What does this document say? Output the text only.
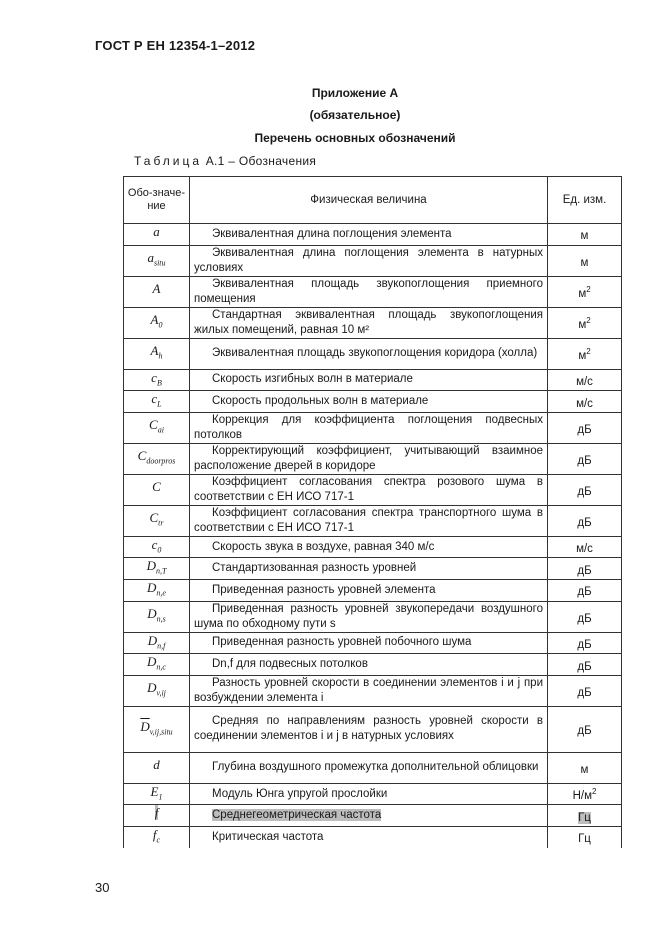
ГОСТ Р ЕН 12354-1–2012
Приложение А
(обязательное)
Перечень основных обозначений
Таблица А.1 – Обозначения
Обо-значе-ние	Физическая величина	Ед. изм.
a	Эквивалентная длина поглощения элемента	м
$a_{situ}$	Эквивалентная длина поглощения элемента в натурных условиях	м
A	Эквивалентная площадь звукопоглощения приемного помещения	$м^2$
$A_0$	Стандартная эквивалентная площадь звукопоглощения жилых помещений, равная 10 м²	$м^2$
$A_h$	Эквивалентная площадь звукопоглощения коридора (холла)	$м^2$
$c_B$	Скорость изгибных волн в материале	м/с
$c_L$	Скорость продольных волн в материале	м/с
$C_{ai}$	Коррекция для коэффициента поглощения подвесных потолков	дБ
$C_{doorpros}$	Корректирующий коэффициент, учитывающий взаимное расположение дверей в коридоре	дБ
C	Коэффициент согласования спектра розового шума в соответствии с ЕН ИСО 717-1	дБ
$C_{tr}$	Коэффициент согласования спектра транспортного шума в соответствии с ЕН ИСО 717-1	дБ
$c_0$	Скорость звука в воздухе, равная 340 м/с	м/с
$D_{n,T}$	Стандартизованная разность уровней	дБ
$D_{n,e}$	Приведенная разность уровней элемента	дБ
$D_{n,s}$	Приведенная разность уровней звукопередачи воздушного шума по обходному пути s	дБ
$D_{n,f}$	Приведенная разность уровней побочного шума	дБ
$D_{n,c}$	Dn,f для подвесных потолков	дБ
$D_{v,ij}$	Разность уровней скорости в соединении элементов i и j при возбуждении элемента i	дБ
$\overline{D}_{v,ij,situ}$	Средняя по направлениям разность уровней скорости в соединении элементов i и j в натурных условиях	дБ
d	Глубина воздушного промежутка дополнительной облицовки	м
$E_1$	Модуль Юнга упругой прослойки	$Н/м^2$
f	Среднегеометрическая частота	Гц
$f_c$	Критическая частота	Гц
30
